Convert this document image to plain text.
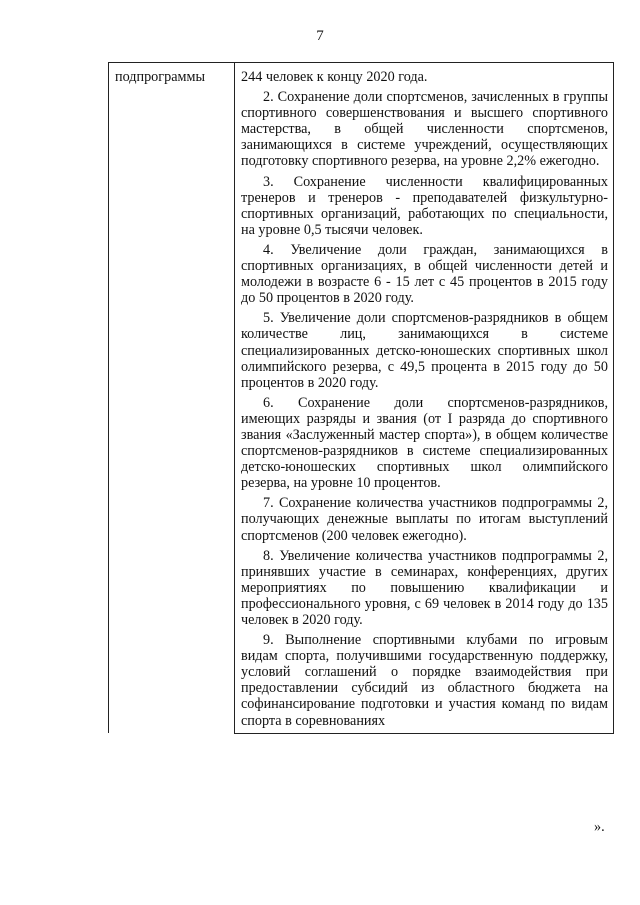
7
подпрограммы	244 человек к концу 2020 года.

2. Сохранение доли спортсменов, зачисленных в группы спортивного совершенствования и высшего спортивного мастерства, в общей численности спортсменов, занимающихся в системе учреждений, осуществляющих подготовку спортивного резерва, на уровне 2,2% ежегодно.

3. Сохранение численности квалифицированных тренеров и тренеров - преподавателей физкультурно-спортивных организаций, работающих по специальности, на уровне 0,5 тысячи человек.

4. Увеличение доли граждан, занимающихся в спортивных организациях, в общей численности детей и молодежи в возрасте 6 - 15 лет с 45 процентов в 2015 году до 50 процентов в 2020 году.

5. Увеличение доли спортсменов-разрядников в общем количестве лиц, занимающихся в системе специализированных детско-юношеских спортивных школ олимпийского резерва, с 49,5 процента в 2015 году до 50 процентов в 2020 году.

6. Сохранение доли спортсменов-разрядников, имеющих разряды и звания (от I разряда до спортивного звания «Заслуженный мастер спорта»), в общем количестве спортсменов-разрядников в системе специализированных детско-юношеских спортивных школ олимпийского резерва, на уровне 10 процентов.

7. Сохранение количества участников подпрограммы 2, получающих денежные выплаты по итогам выступлений спортсменов (200 человек ежегодно).

8. Увеличение количества участников подпрограммы 2, принявших участие в семинарах, конференциях, других мероприятиях по повышению квалификации и профессионального уровня, с 69 человек в 2014 году до 135 человек в 2020 году.

9. Выполнение спортивными клубами по игровым видам спорта, получившими государственную поддержку, условий соглашений о порядке взаимодействия при предоставлении субсидий из областного бюджета на софинансирование подготовки и участия команд по видам спорта в соревнованиях

».
